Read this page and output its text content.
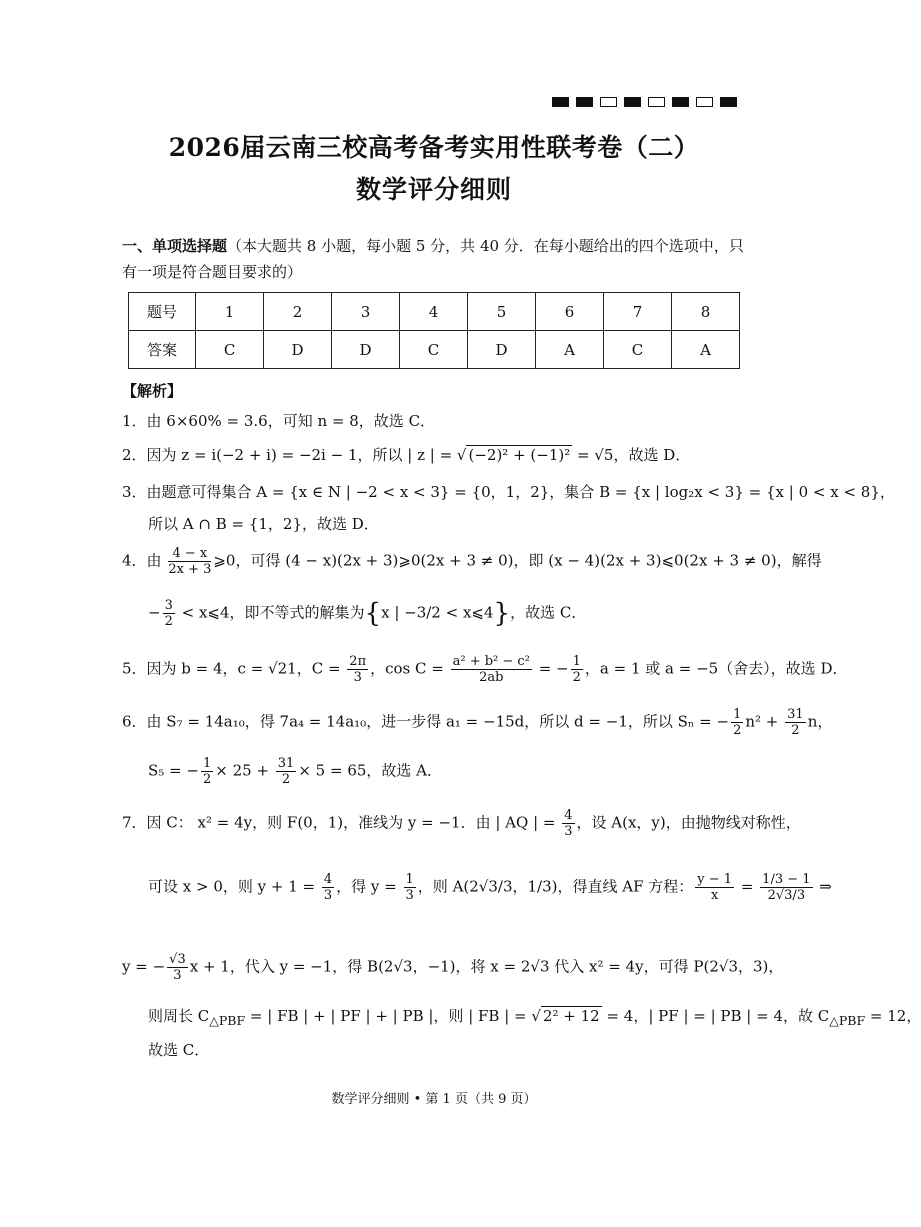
2026届云南三校高考备考实用性联考卷（二）
数学评分细则
一、单项选择题（本大题共 8 小题，每小题 5 分，共 40 分．在每小题给出的四个选项中，只有一项是符合题目要求的）
题号	1	2	3	4	5	6	7	8
答案	C	D	D	C	D	A	C	A
【解析】
1．由 6×60% = 3.6，可知 n = 8，故选 C．
2．因为 z = i(−2 + i) = −2i − 1，所以 | z | = √ (−2)² + (−1)² = √5，故选 D．
3．由题意可得集合 A = {x ∈ N | −2 < x < 3} = {0，1，2}，集合 B = {x | log₂x < 3} = {x | 0 < x < 8}，
所以 A ∩ B = {1，2}，故选 D．
4．由 $\frac{4 - x}{2x + 3}$ ⩾0，可得 (4 − x)(2x + 3)⩾0(2x + 3 ≠ 0)，即 (x − 4)(2x + 3)⩽0(2x + 3 ≠ 0)，解得
− $\frac{3}{2}$ < x⩽4，即不等式的解集为{x | −3/2 < x⩽4}，故选 C．
5．因为 b = 4，c = √21，$C = \frac{2\pi}{3}$ ，$\cos C = \frac{\text{a² + b² − c²}}{2ab}$ = − $\frac{1}{2}$ ，a = 1 或 a = −5（舍去），故选 D．
6．由 S₇ = 14a₁₀，得 7a₄ = 14a₁₀，进一步得 a₁ = −15d，所以 d = −1，所以 Sₙ = − $\frac{1}{2} n^2 + \frac{31}{2}$ n，
S₅ = − $\frac{1}{2} \times 25 + \frac{31}{2} \times 5 = 65$，故选 A．
7．因 C： x² = 4y，则 F(0，1)，准线为 y = −1．由 | AQ | = $\frac{4}{3}$ ，设 A(x，y)，由抛物线对称性，
可设 x > 0，则 $y + 1 = \frac{4}{3}$ ，得 $y = \frac{1}{3}$ ，则 A(2√3/3，1/3)，得直线 AF 方程： $\frac{y - 1}{x} = \frac{1/3 - 1}{2√3/3}$ ⇒
y = − $\frac{√3}{3}$ x + 1，代入 y = −1，得 B(2√3，−1)，将 x = 2√3 代入 x² = 4y，可得 P(2√3，3)，
则周长 $C_{\triangle PBF}$ = | FB | + | PF | + | PB |，则 | FB | = √ 2² + 12 = 4，| PF | = | PB | = 4，故 $C_{\triangle PBF} = 12$，
故选 C．
数学评分细则 • 第 1 页（共 9 页）
